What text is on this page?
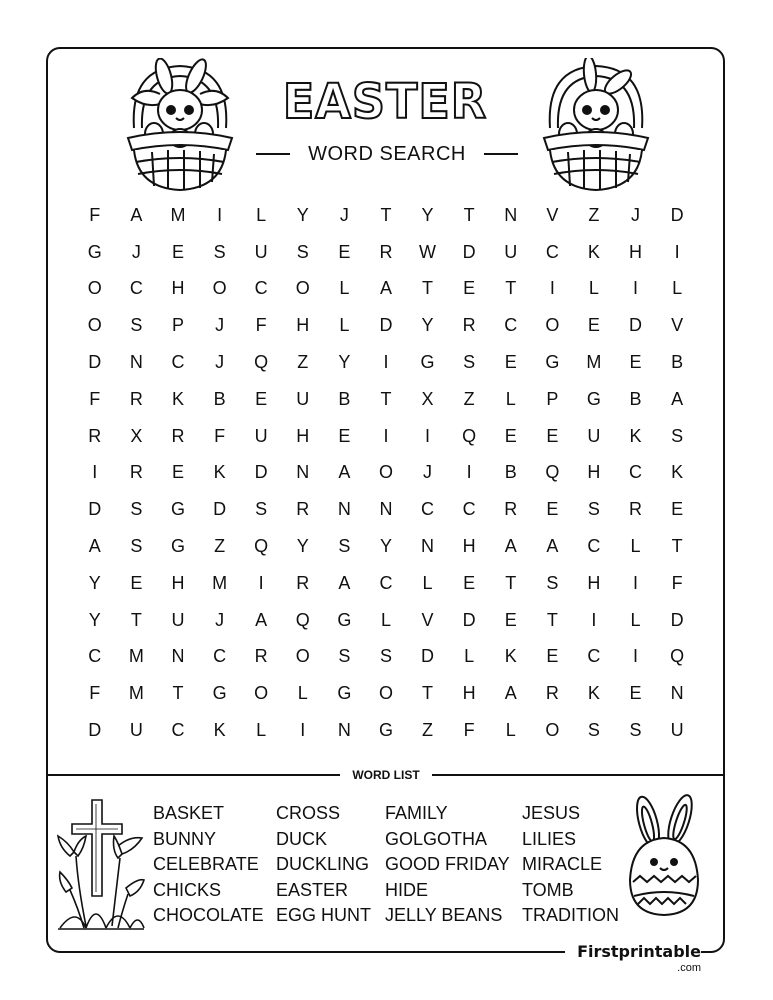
EASTER
WORD SEARCH
F	A	M	I	L	Y	J	T	Y	T	N	V	Z	J	D
G	J	E	S	U	S	E	R	W	D	U	C	K	H	I
O	C	H	O	C	O	L	A	T	E	T	I	L	I	L
O	S	P	J	F	H	L	D	Y	R	C	O	E	D	V
D	N	C	J	Q	Z	Y	I	G	S	E	G	M	E	B
F	R	K	B	E	U	B	T	X	Z	L	P	G	B	A
R	X	R	F	U	H	E	I	I	Q	E	E	U	K	S
I	R	E	K	D	N	A	O	J	I	B	Q	H	C	K
D	S	G	D	S	R	N	N	C	C	R	E	S	R	E
A	S	G	Z	Q	Y	S	Y	N	H	A	A	C	L	T
Y	E	H	M	I	R	A	C	L	E	T	S	H	I	F
Y	T	U	J	A	Q	G	L	V	D	E	T	I	L	D
C	M	N	C	R	O	S	S	D	L	K	E	C	I	Q
F	M	T	G	O	L	G	O	T	H	A	R	K	E	N
D	U	C	K	L	I	N	G	Z	F	L	O	S	S	U
WORD LIST
BASKET
BUNNY
CELEBRATE
CHICKS
CHOCOLATE
CROSS
DUCK
DUCKLING
EASTER
EGG HUNT
FAMILY
GOLGOTHA
GOOD FRIDAY
HIDE
JELLY BEANS
JESUS
LILIES
MIRACLE
TOMB
TRADITION
Firstprintable
.com
